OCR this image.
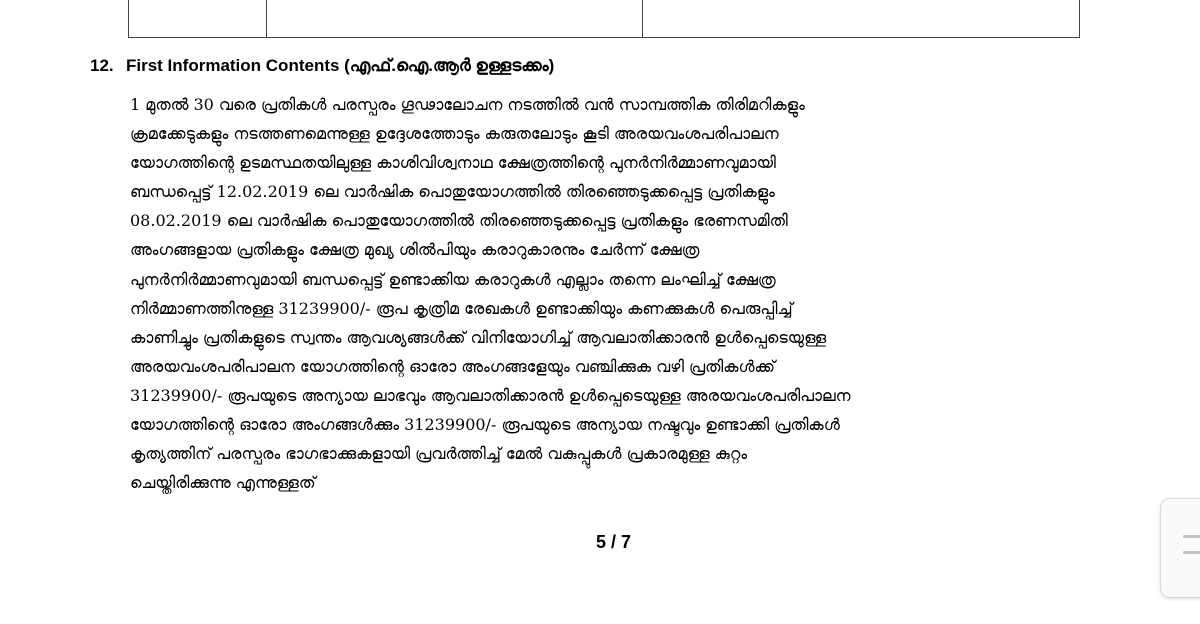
12. First Information Contents (എഫ്.ഐ.ആർ ഉള്ളടക്കം)
1 മുതൽ 30 വരെ പ്രതികൾ പരസ്പരം ഗൂഢാലോചന നടത്തിൽ വൻ സാമ്പത്തിക തിരിമറികളും
ക്രമക്കേടുകളും നടത്തണമെന്നുള്ള ഉദ്ദേശത്തോടും കരുതലോടും കൂടി അരയവംശപരിപാലന
യോഗത്തിന്റെ ഉടമസ്ഥതയിലുള്ള കാശിവിശ്വനാഥ ക്ഷേത്രത്തിന്റെ പുനർനിർമ്മാണവുമായി
ബന്ധപ്പെട്ട് 12.02.2019 ലെ വാർഷിക പൊതുയോഗത്തിൽ തിരഞ്ഞെടുക്കപ്പെട്ട പ്രതികളും
08.02.2019 ലെ വാർഷിക പൊതുയോഗത്തിൽ തിരഞ്ഞെടുക്കപ്പെട്ട പ്രതികളും ഭരണസമിതി
അംഗങ്ങളായ പ്രതികളും ക്ഷേത്ര മുഖ്യ ശിൽപിയും കരാറുകാരനും ചേർന്ന് ക്ഷേത്ര
പുനർനിർമ്മാണവുമായി ബന്ധപ്പെട്ട് ഉണ്ടാക്കിയ കരാറുകൾ എല്ലാം തന്നെ ലംഘിച്ച് ക്ഷേത്ര
നിർമ്മാണത്തിനുള്ള 31239900/- രൂപ കൃത്രിമ രേഖകൾ ഉണ്ടാക്കിയും കണക്കുകൾ പെരുപ്പിച്ച്
കാണിച്ചും പ്രതികളുടെ സ്വന്തം ആവശ്യങ്ങൾക്ക് വിനിയോഗിച്ച് ആവലാതിക്കാരൻ ഉൾപ്പെടെയുള്ള
അരയവംശപരിപാലന യോഗത്തിന്റെ ഓരോ അംഗങ്ങളേയും വഞ്ചിക്കുക വഴി പ്രതികൾക്ക്
31239900/- രൂപയുടെ അന്യായ ലാഭവും ആവലാതിക്കാരൻ ഉൾപ്പെടെയുള്ള അരയവംശപരിപാലന
യോഗത്തിന്റെ ഓരോ അംഗങ്ങൾക്കും 31239900/- രൂപയുടെ അന്യായ നഷ്ടവും ഉണ്ടാക്കി പ്രതികൾ
കൃത്യത്തിന് പരസ്പരം ഭാഗഭാക്കുകളായി പ്രവർത്തിച്ച് മേൽ വകുപ്പുകൾ പ്രകാരമുള്ള കുറ്റം
ചെയ്തിരിക്കുന്നു എന്നുള്ളത്
5 / 7
